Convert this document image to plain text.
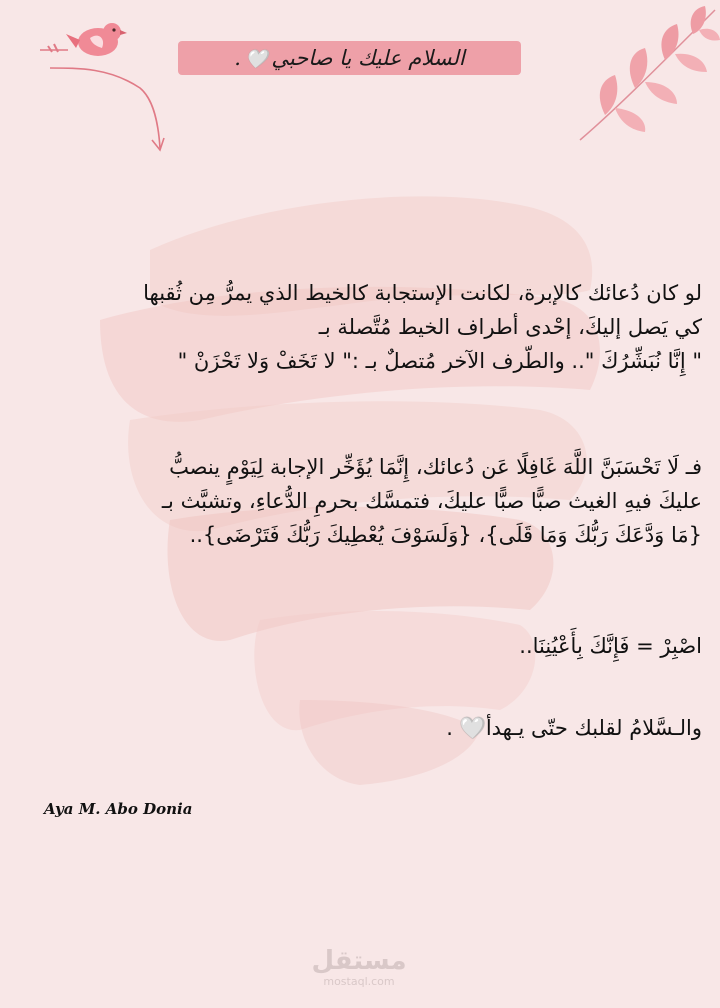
السلام عليك يا صاحبي🤍.
لو كان دُعائك كالإبرة، لكانت الإستجابة كالخيط الذي يمرُّ مِن ثُقبها
كي يَصل إليكَ، إحْدى أطراف الخيط مُتَّصلة بـ
" إِنَّا نُبَشِّرُكَ ".. والطّرف الآخر مُتصلٌ بـ :" لا تَخَفْ وَلا تَحْزَنْ "
فـ لَا تَحْسَبَنَّ اللَّهَ غَافِلًا عَن دُعائك، إِنَّمَا يُؤَخِّر الإجابة لِيَوْمٍ ينصبُّ
عليكَ فيهِ الغيث صبًّا صبًّا عليكَ، فتمسَّك بحرمِ الدُّعاءِ، وتشبَّث بـ
{مَا وَدَّعَكَ رَبُّكَ وَمَا قَلَى}، {وَلَسَوْفَ يُعْطِيكَ رَبُّكَ فَتَرْضَى}..
اصْبِرْ = فَإِنَّكَ بِأَعْيُنِنَا..
والـسَّلامُ لقلبك حتّى يـهدأ🤍 .
Aya M. Abo Donia
مستقل
mostaql.com
